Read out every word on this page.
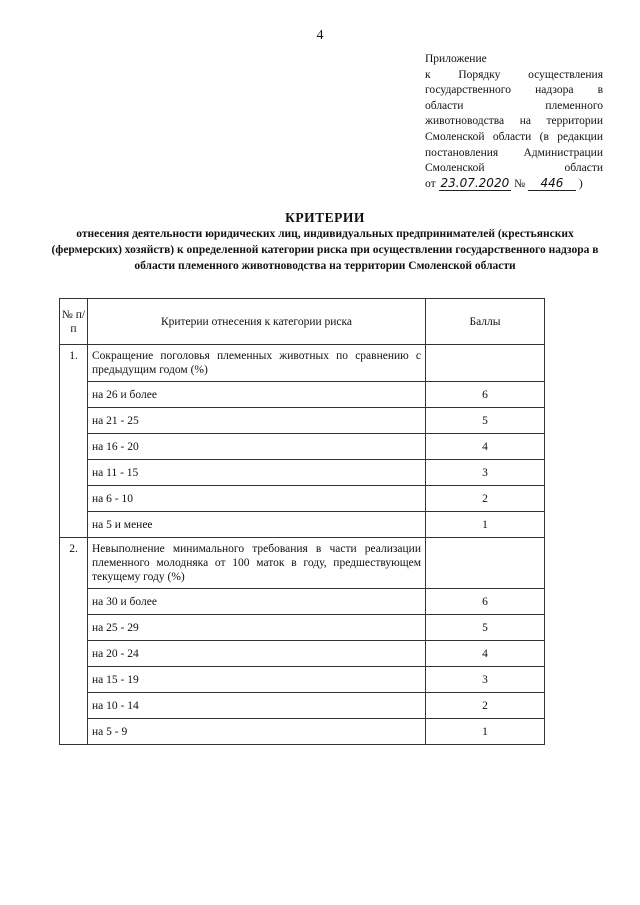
4
Приложение
к Порядку осуществления
государственного надзора в
области племенного
животноводства на территории
Смоленской области (в редакции
постановления Администрации
Смоленской области
от 23.07.2020 № 446 )
КРИТЕРИИ
отнесения деятельности юридических лиц, индивидуальных предпринимателей (крестьянских (фермерских) хозяйств) к определенной категории риска при осуществлении государственного надзора в области племенного животноводства на территории Смоленской области
№ п/п	Критерии отнесения к категории риска	Баллы
1.	Сокращение поголовья племенных животных по сравнению с предыдущим годом (%)	
	на 26 и более	6
	на 21 - 25	5
	на 16 - 20	4
	на 11 - 15	3
	на 6 - 10	2
	на 5 и менее	1
2.	Невыполнение минимального требования в части реализации племенного молодняка от 100 маток в году, предшествующем текущему году (%)	
	на 30 и более	6
	на 25 - 29	5
	на 20 - 24	4
	на 15 - 19	3
	на 10 - 14	2
	на 5 - 9	1
